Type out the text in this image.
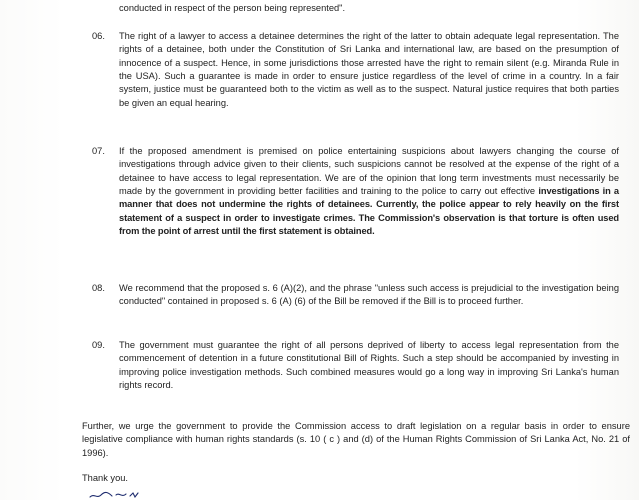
conducted in respect of the person being represented".
06. The right of a lawyer to access a detainee determines the right of the latter to obtain adequate legal representation. The rights of a detainee, both under the Constitution of Sri Lanka and international law, are based on the presumption of innocence of a suspect. Hence, in some jurisdictions those arrested have the right to remain silent (e.g. Miranda Rule in the USA). Such a guarantee is made in order to ensure justice regardless of the level of crime in a country. In a fair system, justice must be guaranteed both to the victim as well as to the suspect. Natural justice requires that both parties be given an equal hearing.

07. If the proposed amendment is premised on police entertaining suspicions about lawyers changing the course of investigations through advice given to their clients, such suspicions cannot be resolved at the expense of the right of a detainee to have access to legal representation. We are of the opinion that long term investments must necessarily be made by the government in providing better facilities and training to the police to carry out effective investigations in a manner that does not undermine the rights of detainees. Currently, the police appear to rely heavily on the first statement of a suspect in order to investigate crimes. The Commission's observation is that torture is often used from the point of arrest until the first statement is obtained.

08. We recommend that the proposed s. 6 (A)(2), and the phrase "unless such access is prejudicial to the investigation being conducted" contained in proposed s. 6 (A) (6) of the Bill be removed if the Bill is to proceed further.

09. The government must guarantee the right of all persons deprived of liberty to access legal representation from the commencement of detention in a future constitutional Bill of Rights. Such a step should be accompanied by investing in improving police investigation methods. Such combined measures would go a long way in improving Sri Lanka's human rights record.

Further, we urge the government to provide the Commission access to draft legislation on a regular basis in order to ensure legislative compliance with human rights standards (s. 10 ( c ) and (d) of the Human Rights Commission of Sri Lanka Act, No. 21 of 1996).

Thank you.
